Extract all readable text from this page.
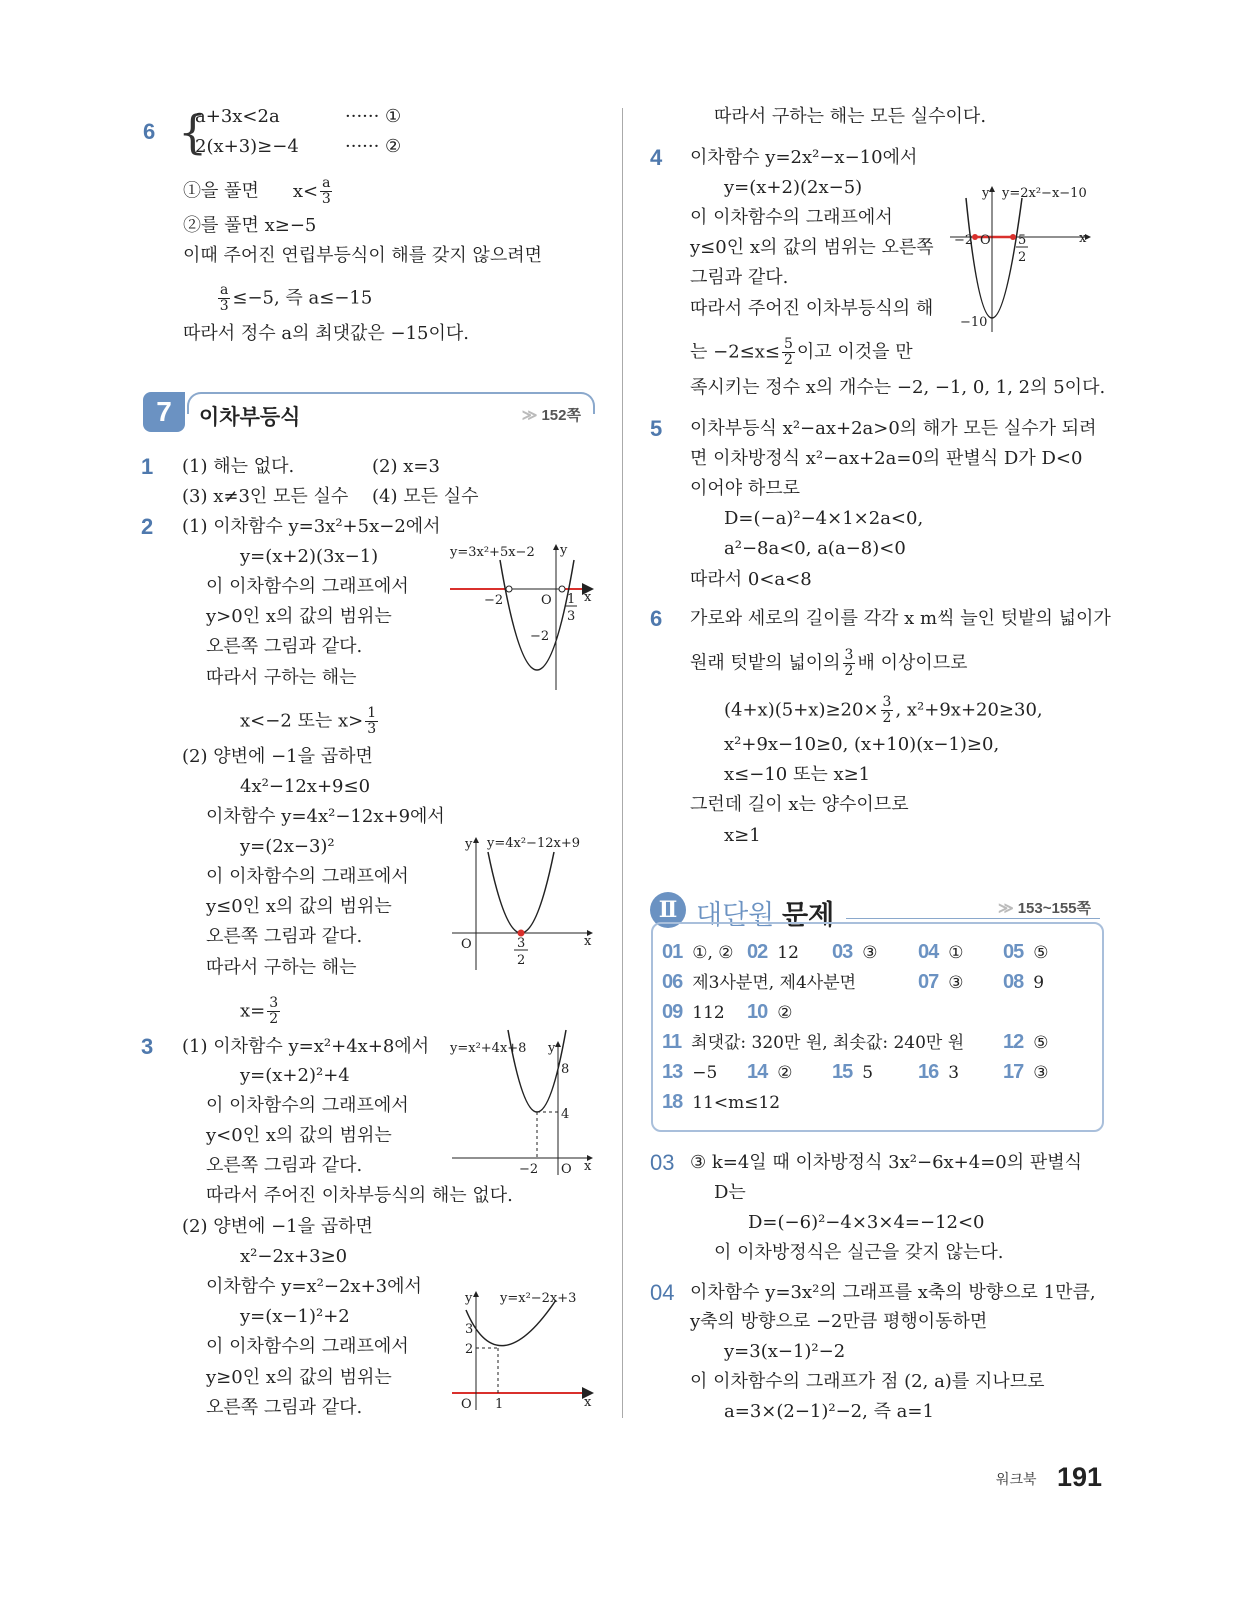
6 {
a+3x<2a	······ ①
2(x+3)≥−4	······ ②
①을 풀면 $x< \frac{a}{3}$
②를 풀면 x≥−5
이때 주어진 연립부등식이 해를 갖지 않으려면
$\frac{a}{3} \le-5$, 즉 a≤−15
따라서 정수 a의 최댓값은 −15이다.
7	이차부등식	≫ 152쪽
1 (1) 해는 없다.	(2) x=3
(3) x≠3인 모든 실수 (4) 모든 실수
2 (1) 이차함수 y=3x²+5x−2에서
y=(x+2)(3x−1)
이 이차함수의 그래프에서
y>0인 x의 값의 범위는
오른쪽 그림과 같다.
따라서 구하는 해는
x<−2 또는 $x> \frac{1}{3}$
(2) 양변에 −1을 곱하면
4x²−12x+9≤0
이차함수 y=4x²−12x+9에서
y=(2x−3)²
이 이차함수의 그래프에서
y≤0인 x의 값의 범위는
오른쪽 그림과 같다.
따라서 구하는 해는
$x= \frac{3}{2}$
3 (1) 이차함수 y=x²+4x+8에서
y=(x+2)²+4
이 이차함수의 그래프에서
y<0인 x의 값의 범위는
오른쪽 그림과 같다.
따라서 주어진 이차부등식의 해는 없다.
(2) 양변에 −1을 곱하면
x²−2x+3≥0
이차함수 y=x²−2x+3에서
y=(x−1)²+2
이 이차함수의 그래프에서
y≥0인 x의 값의 범위는
오른쪽 그림과 같다.
y=3x²+5x−2 y
−2	O 1
3
x
−2
y=4x²−12x+9
y
O	3
2
x
y=x²+4x+8 y
8
4
−2 O x
y y=x²−2x+3
3
2
O 1	x
y y=2x²−x−10
−2 O 5
2
x
−10
따라서 구하는 해는 모든 실수이다.
4 이차함수 y=2x²−x−10에서
y=(x+2)(2x−5)
이 이차함수의 그래프에서
y≤0인 x의 값의 범위는 오른쪽
그림과 같다.
따라서 주어진 이차부등식의 해
는 $-2\le x\le \frac{5}{2}$ 이고 이것을 만
족시키는 정수 x의 개수는 −2, −1, 0, 1, 2의 5이다.
5 이차부등식 x²−ax+2a>0의 해가 모든 실수가 되려
면 이차방정식 x²−ax+2a=0의 판별식 D가 D<0
이어야 하므로
D=(−a)²−4×1×2a<0,
a²−8a<0, a(a−8)<0
따라서 0<a<8
6 가로와 세로의 길이를 각각 x m씩 늘인 텃밭의 넓이가
원래 텃밭의 넓이의 $\frac{3}{2}$ 배 이상이므로
$(4+x)(5+x)\ge 20\times \frac{3}{2}$ , x²+9x+20≥30,
x²+9x−10≥0, (x+10)(x−1)≥0,
x≤−10 또는 x≥1
그런데 길이 x는 양수이므로
x≥1
Ⅱ 대단원 문제	≫ 153~155쪽
01 ①, ② 02 12 03 ③ 04 ① 05 ⑤
06 제3사분면, 제4사분면	07 ③ 08 9
09 112 10 ②
11 최댓값: 320만 원, 최솟값: 240만 원 12 ⑤
13 −5 14 ② 15 5 16 3 17 ③
18 11<m≤12
03 ③ k=4일 때 이차방정식 3x²−6x+4=0의 판별식
D는
D=(−6)²−4×3×4=−12<0
이 이차방정식은 실근을 갖지 않는다.
04 이차함수 y=3x²의 그래프를 x축의 방향으로 1만큼,
y축의 방향으로 −2만큼 평행이동하면
y=3(x−1)²−2
이 이차함수의 그래프가 점 (2, a)를 지나므로
a=3×(2−1)²−2, 즉 a=1
워크북 191
